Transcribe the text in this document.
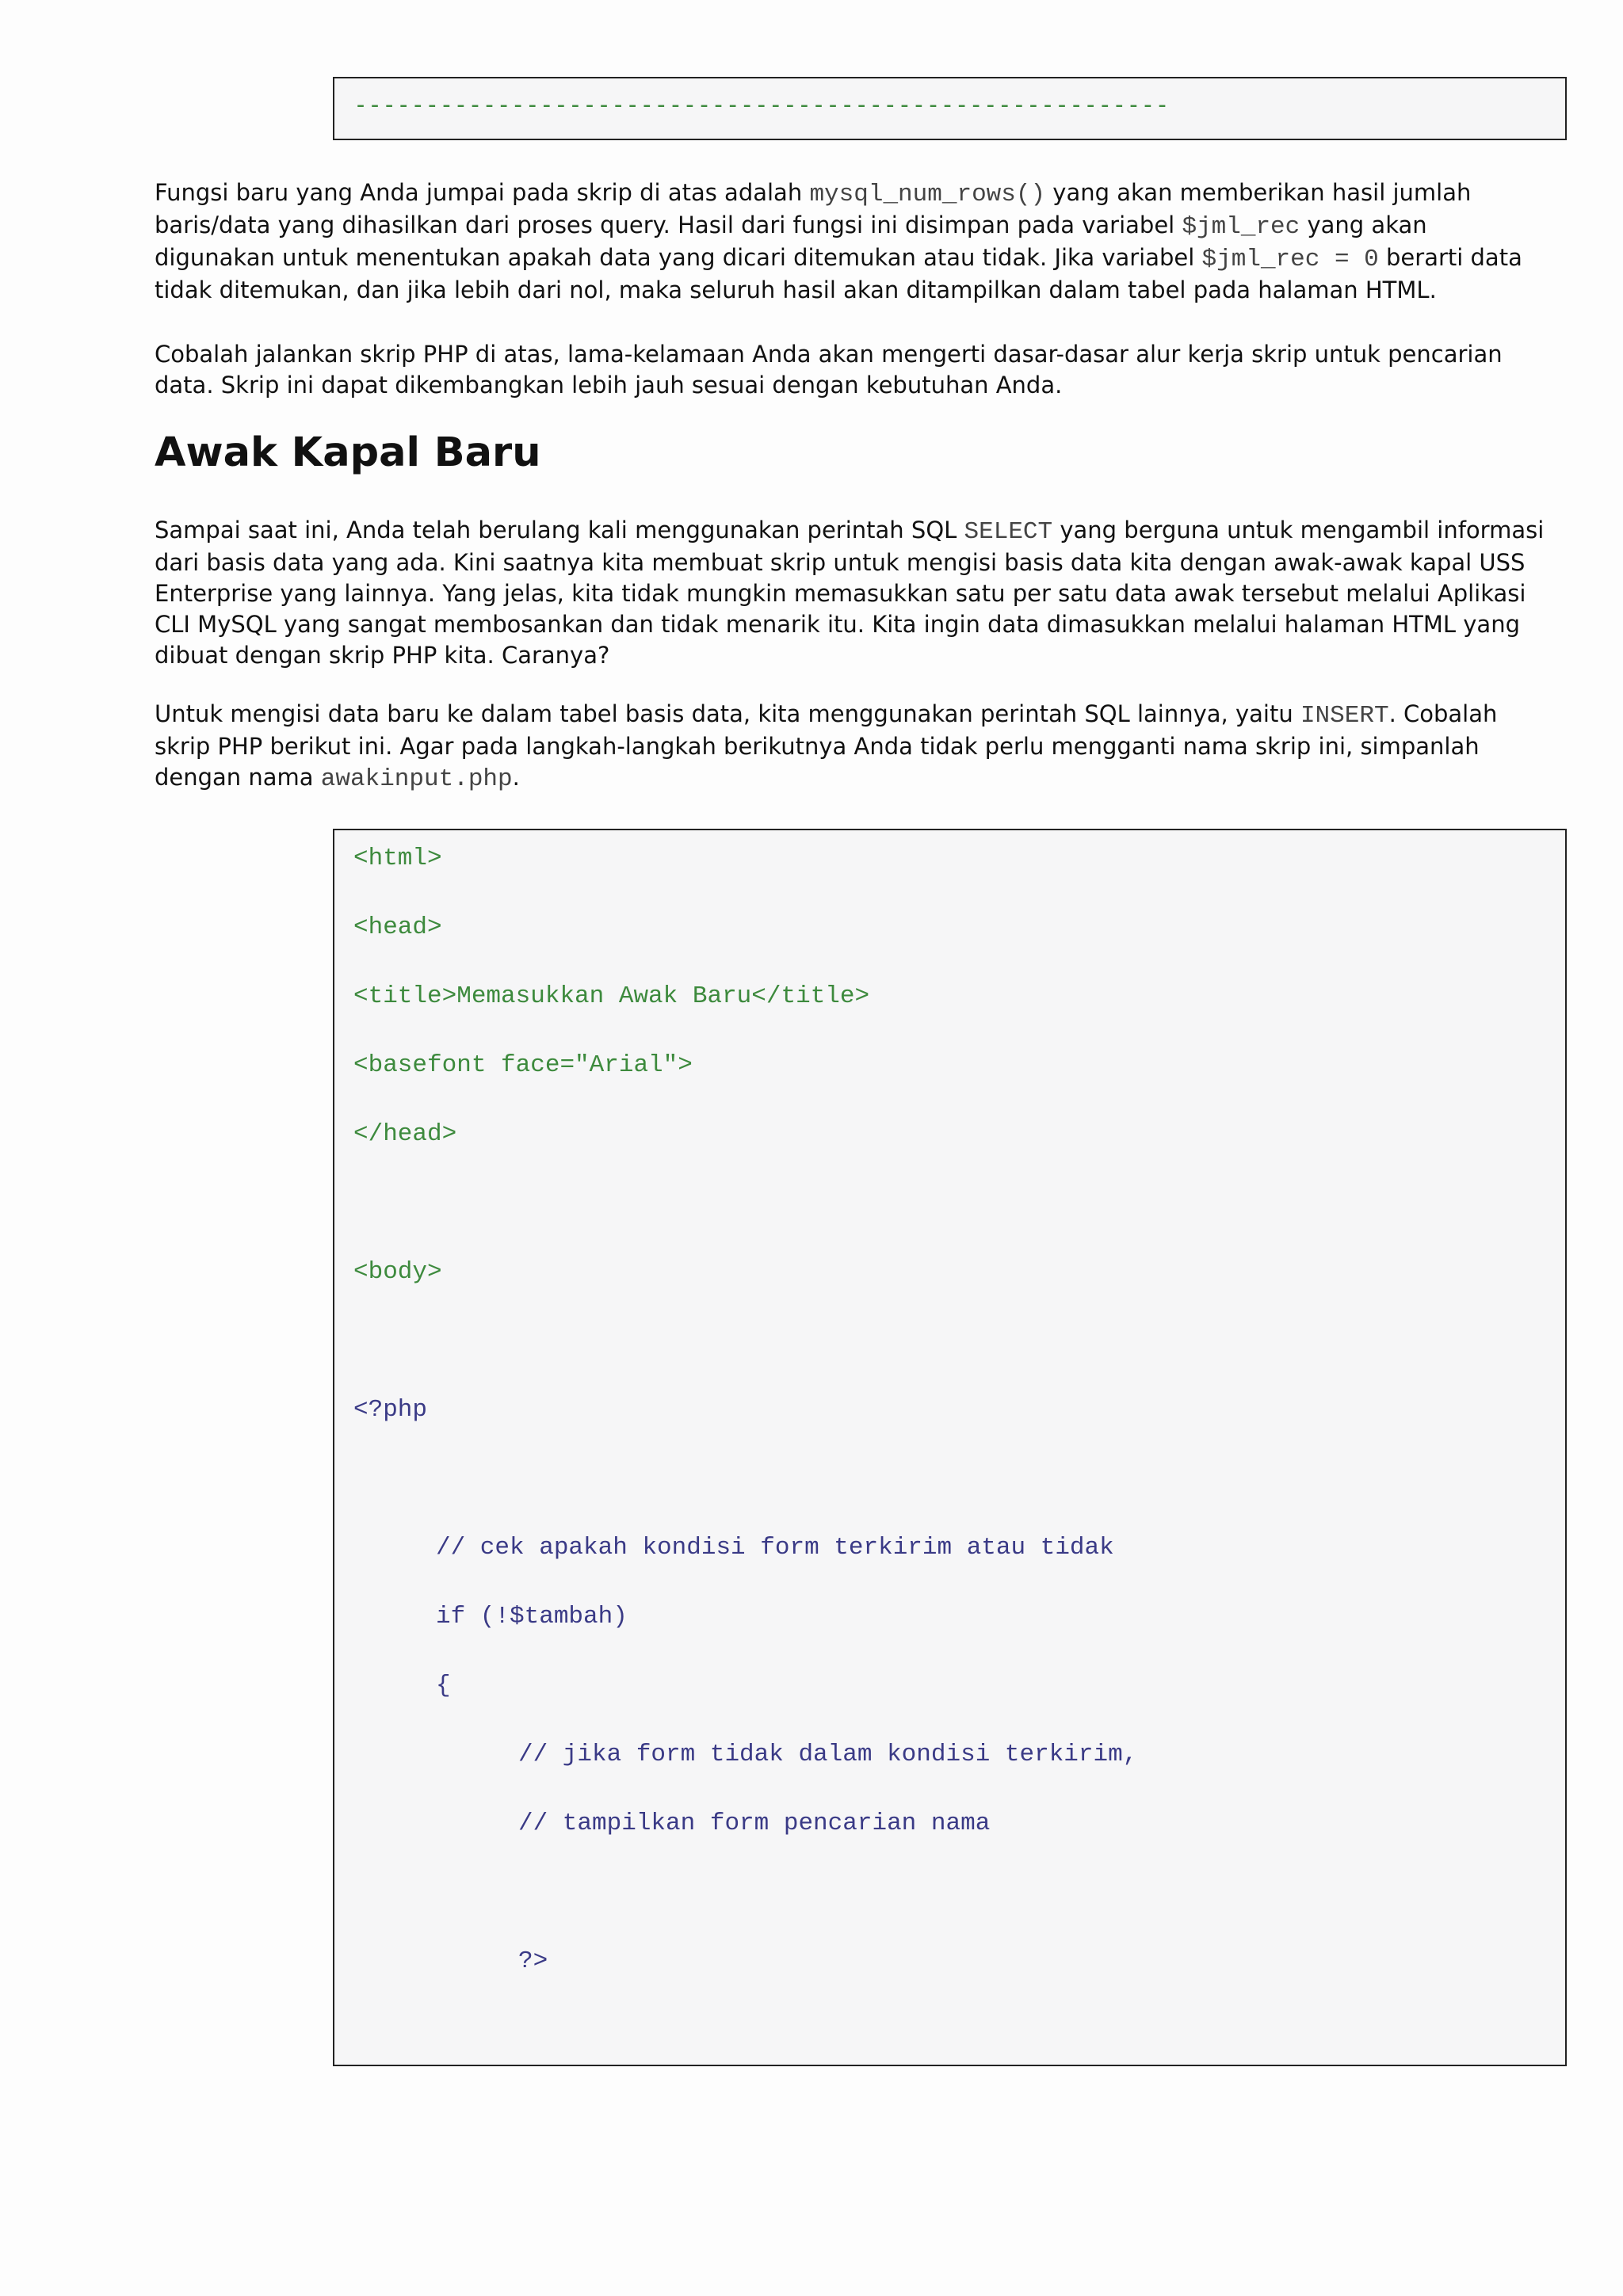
---------------------------------------------------------

Fungsi baru yang Anda jumpai pada skrip di atas adalah mysql_num_rows() yang akan memberikan hasil jumlah baris/data yang dihasilkan dari proses query. Hasil dari fungsi ini disimpan pada variabel $jml_rec yang akan digunakan untuk menentukan apakah data yang dicari ditemukan atau tidak. Jika variabel $jml_rec = 0 berarti data tidak ditemukan, dan jika lebih dari nol, maka seluruh hasil akan ditampilkan dalam tabel pada halaman HTML.

Cobalah jalankan skrip PHP di atas, lama-kelamaan Anda akan mengerti dasar-dasar alur kerja skrip untuk pencarian data. Skrip ini dapat dikembangkan lebih jauh sesuai dengan kebutuhan Anda.

Awak Kapal Baru

Sampai saat ini, Anda telah berulang kali menggunakan perintah SQL SELECT yang berguna untuk mengambil informasi dari basis data yang ada. Kini saatnya kita membuat skrip untuk mengisi basis data kita dengan awak-awak kapal USS Enterprise yang lainnya. Yang jelas, kita tidak mungkin memasukkan satu per satu data awak tersebut melalui Aplikasi CLI MySQL yang sangat membosankan dan tidak menarik itu. Kita ingin data dimasukkan melalui halaman HTML yang dibuat dengan skrip PHP kita. Caranya?

Untuk mengisi data baru ke dalam tabel basis data, kita menggunakan perintah SQL lainnya, yaitu INSERT. Cobalah skrip PHP berikut ini. Agar pada langkah-langkah berikutnya Anda tidak perlu mengganti nama skrip ini, simpanlah dengan nama awakinput.php.

<html>
<head>
<title>Memasukkan Awak Baru</title>
<basefont face="Arial">
</head>
<body>
<?php
// cek apakah kondisi form terkirim atau tidak
if (!$tambah)
{
// jika form tidak dalam kondisi terkirim,
// tampilkan form pencarian nama
?>
